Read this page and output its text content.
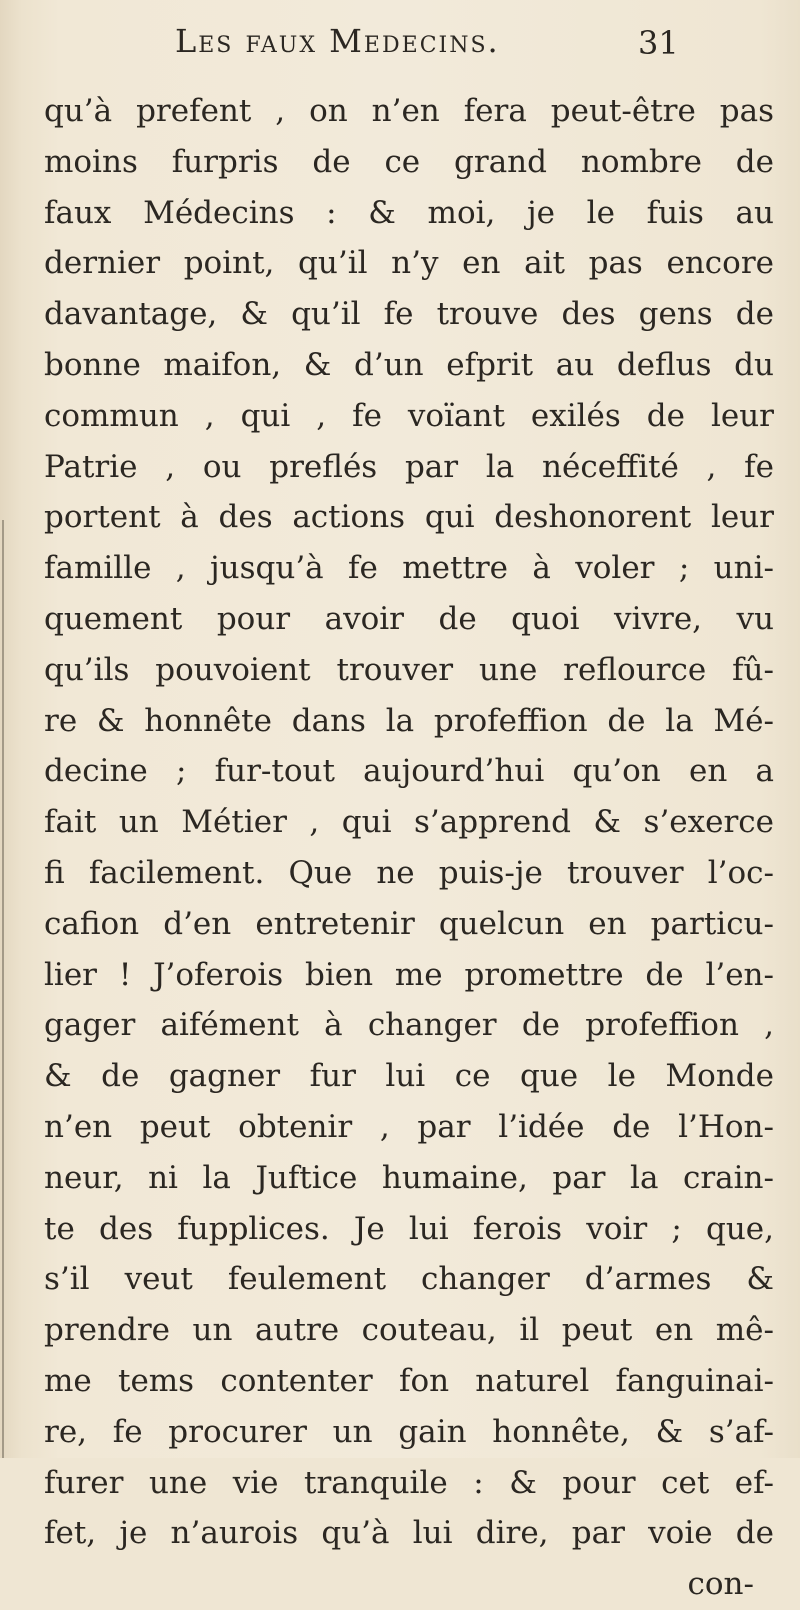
Les faux Medecins.	31
qu’à prefent , on n’en fera peut-être pas
moins furpris de ce grand nombre de
faux Médecins : & moi, je le fuis au
dernier point, qu’il n’y en ait pas encore
davantage, & qu’il fe trouve des gens de
bonne maifon, & d’un efprit au deflus du
commun , qui , fe voïant exilés de leur
Patrie , ou preflés par la néceffité , fe
portent à des actions qui deshonorent leur
famille , jusqu’à fe mettre à voler ; uni-
quement pour avoir de quoi vivre, vu
qu’ils pouvoient trouver une reflource fû-
re & honnête dans la profeffion de la Mé-
decine ; fur-tout aujourd’hui qu’on en a
fait un Métier , qui s’apprend & s’exerce
fi facilement. Que ne puis-je trouver l’oc-
cafion d’en entretenir quelcun en particu-
lier ! J’oferois bien me promettre de l’en-
gager aifément à changer de profeffion ,
& de gagner fur lui ce que le Monde
n’en peut obtenir , par l’idée de l’Hon-
neur, ni la Juftice humaine, par la crain-
te des fupplices. Je lui ferois voir ; que,
s’il veut feulement changer d’armes &
prendre un autre couteau, il peut en mê-
me tems contenter fon naturel fanguinai-
re, fe procurer un gain honnête, & s’af-
furer une vie tranquile : & pour cet ef-
fet, je n’aurois qu’à lui dire, par voie de
con-
